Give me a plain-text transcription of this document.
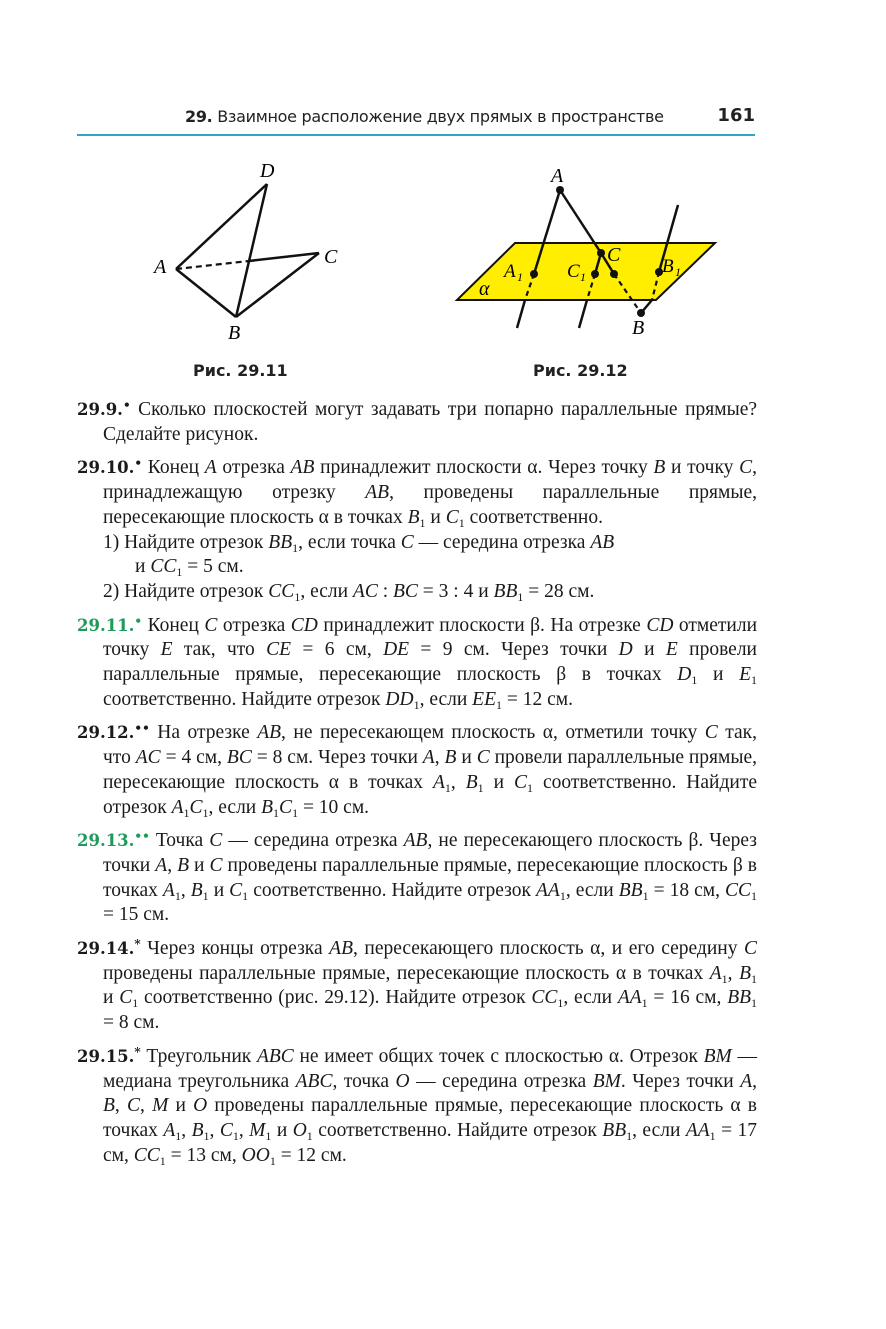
29. Взаимное расположение двух прямых в пространстве	161
D
A	C
B
Рис. 29.11
A
C
A 1 C 1	B 1
α
B
Рис. 29.12
29.9.• Сколько плоскостей могут задавать три попарно параллельные прямые? Сделайте рисунок.
29.10.• Конец A отрезка AB принадлежит плоскости α. Через точку B и точку C, принадлежащую отрезку AB, проведены параллельные прямые, пересекающие плоскость α в точках $B_1$ и $C_1$ соответственно.
1) Найдите отрезок $BB_1$, если точка C — середина отрезка AB
и $CC_1 = 5$ см.
2) Найдите отрезок $CC_1$, если AC : BC = 3 : 4 и $BB_1 = 28$ см.
29.11.• Конец C отрезка CD принадлежит плоскости β. На отрезке CD отметили точку E так, что CE = 6 см, DE = 9 см. Через точки D и E провели параллельные прямые, пересекающие плоскость β в точках $D_1$ и $E_1$ соответственно. Найдите отрезок $DD_1$, если $EE_1 = 12$ см.
29.12.•• На отрезке AB, не пересекающем плоскость α, отметили точку C так, что AC = 4 см, BC = 8 см. Через точки A, B и C провели параллельные прямые, пересекающие плоскость α в точках $A_1$, $B_1$ и $C_1$ соответственно. Найдите отрезок $A_1C_1$, если $B_1C_1 = 10$ см.
29.13.•• Точка C — середина отрезка AB, не пересекающего плоскость β. Через точки A, B и C проведены параллельные прямые, пересекающие плоскость β в точках $A_1$, $B_1$ и $C_1$ соответственно. Найдите отрезок $AA_1$, если $BB_1 = 18$ см, $CC_1 = 15$ см.
29.14.* Через концы отрезка AB, пересекающего плоскость α, и его середину C проведены параллельные прямые, пересекающие плоскость α в точках $A_1$, $B_1$ и $C_1$ соответственно (рис. 29.12). Найдите отрезок $CC_1$, если $AA_1 = 16$ см, $BB_1 = 8$ см.
29.15.* Треугольник ABC не имеет общих точек с плоскостью α. Отрезок BM — медиана треугольника ABC, точка O — середина отрезка BM. Через точки A, B, C, M и O проведены параллельные прямые, пересекающие плоскость α в точках $A_1$, $B_1$, $C_1$, $M_1$ и $O_1$ соответственно. Найдите отрезок $BB_1$, если $AA_1 = 17$ см, $CC_1 = 13$ см, $OO_1 = 12$ см.
